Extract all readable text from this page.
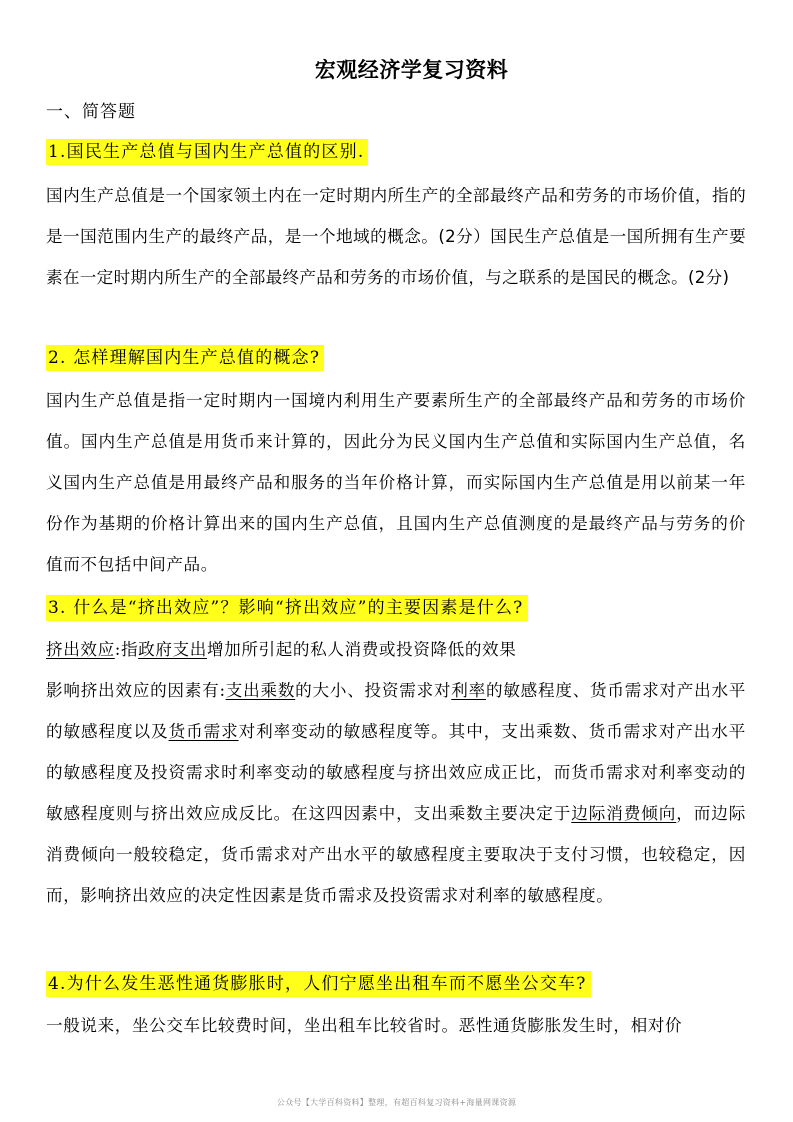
宏观经济学复习资料
一、简答题
1.国民生产总值与国内生产总值的区别.
国内生产总值是一个国家领土内在一定时期内所生产的全部最终产品和劳务的市场价值，指的是一国范围内生产的最终产品，是一个地域的概念。(2分）国民生产总值是一国所拥有生产要素在一定时期内所生产的全部最终产品和劳务的市场价值，与之联系的是国民的概念。(2分)
2. 怎样理解国内生产总值的概念?
国内生产总值是指一定时期内一国境内利用生产要素所生产的全部最终产品和劳务的市场价值。国内生产总值是用货币来计算的，因此分为民义国内生产总值和实际国内生产总值，名义国内生产总值是用最终产品和服务的当年价格计算，而实际国内生产总值是用以前某一年份作为基期的价格计算出来的国内生产总值，且国内生产总值测度的是最终产品与劳务的价值而不包括中间产品。
3. 什么是“挤出效应”？影响“挤出效应”的主要因素是什么?
挤出效应:指政府支出增加所引起的私人消费或投资降低的效果
影响挤出效应的因素有:支出乘数的大小、投资需求对利率的敏感程度、货币需求对产出水平的敏感程度以及货币需求对利率变动的敏感程度等。其中，支出乘数、货币需求对产出水平的敏感程度及投资需求时利率变动的敏感程度与挤出效应成正比，而货币需求对利率变动的敏感程度则与挤出效应成反比。在这四因素中，支出乘数主要决定于边际消费倾向，而边际消费倾向一般较稳定，货币需求对产出水平的敏感程度主要取决于支付习惯，也较稳定，因而，影响挤出效应的决定性因素是货币需求及投资需求对利率的敏感程度。
4.为什么发生恶性通货膨胀时，人们宁愿坐出租车而不愿坐公交车?
一般说来，坐公交车比较费时间，坐出租车比较省时。恶性通货膨胀发生时，相对价
公众号【大学百科资料】整理，有超百科复习资料+海量网课资源
